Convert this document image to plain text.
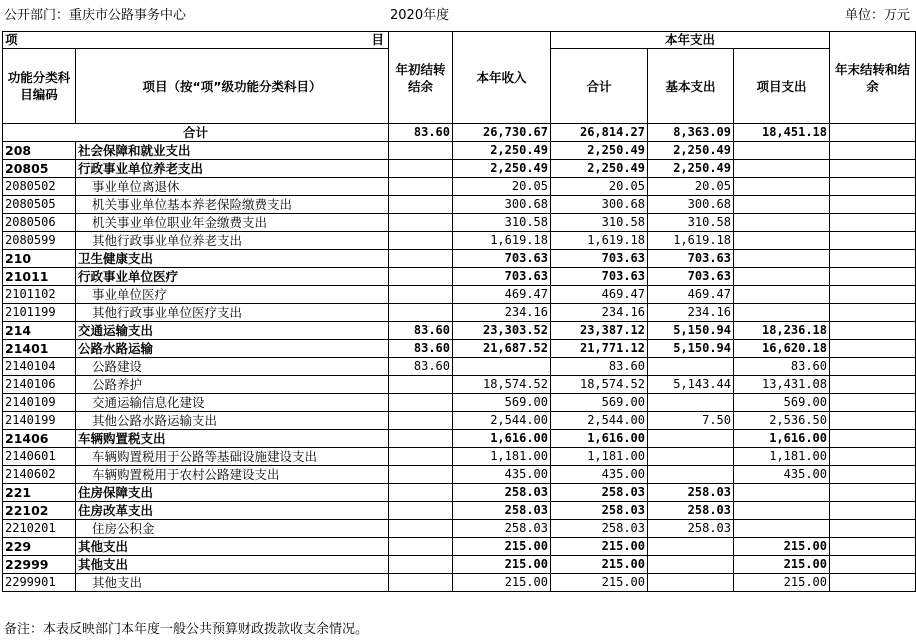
公开部门：重庆市公路事务中心	2020年度	单位：万元
项 目		年初结转结余	本年收入	本年支出			年末结转和结余
功能分类科目编码	项目（按“项”级功能分类科目）			合计	基本支出	项目支出	
合计		83.60	26,730.67	26,814.27	8,363.09	18,451.18	
208	社会保障和就业支出		2,250.49	2,250.49	2,250.49		
20805	行政事业单位养老支出		2,250.49	2,250.49	2,250.49		
2080502	事业单位离退休		20.05	20.05	20.05		
2080505	机关事业单位基本养老保险缴费支出		300.68	300.68	300.68		
2080506	机关事业单位职业年金缴费支出		310.58	310.58	310.58		
2080599	其他行政事业单位养老支出		1,619.18	1,619.18	1,619.18		
210	卫生健康支出		703.63	703.63	703.63		
21011	行政事业单位医疗		703.63	703.63	703.63		
2101102	事业单位医疗		469.47	469.47	469.47		
2101199	其他行政事业单位医疗支出		234.16	234.16	234.16		
214	交通运输支出	83.60	23,303.52	23,387.12	5,150.94	18,236.18	
21401	公路水路运输	83.60	21,687.52	21,771.12	5,150.94	16,620.18	
2140104	公路建设	83.60		83.60		83.60	
2140106	公路养护		18,574.52	18,574.52	5,143.44	13,431.08	
2140109	交通运输信息化建设		569.00	569.00		569.00	
2140199	其他公路水路运输支出		2,544.00	2,544.00	7.50	2,536.50	
21406	车辆购置税支出		1,616.00	1,616.00		1,616.00	
2140601	车辆购置税用于公路等基础设施建设支出		1,181.00	1,181.00		1,181.00	
2140602	车辆购置税用于农村公路建设支出		435.00	435.00		435.00	
221	住房保障支出		258.03	258.03	258.03		
22102	住房改革支出		258.03	258.03	258.03		
2210201	住房公积金		258.03	258.03	258.03		
229	其他支出		215.00	215.00		215.00	
22999	其他支出		215.00	215.00		215.00	
2299901	其他支出		215.00	215.00		215.00	
备注：本表反映部门本年度一般公共预算财政拨款收支余情况。
